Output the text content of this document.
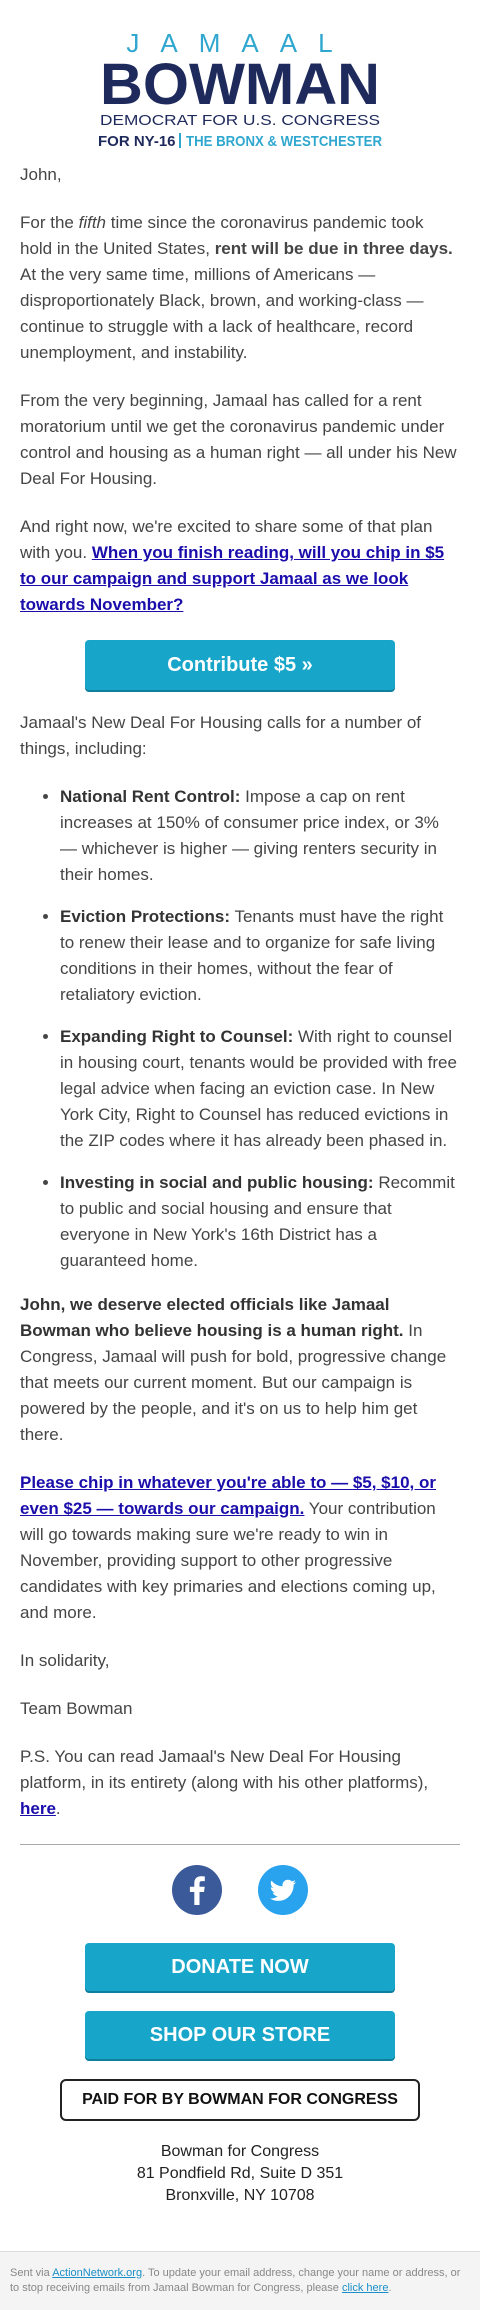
JAMAAL
BOWMAN
DEMOCRAT FOR U.S. CONGRESS
FOR NY-16 THE BRONX & WESTCHESTER

John,

For the fifth time since the coronavirus pandemic took hold in the United States, rent will be due in three days. At the very same time, millions of Americans — disproportionately Black, brown, and working-class — continue to struggle with a lack of healthcare, record unemployment, and instability.

From the very beginning, Jamaal has called for a rent moratorium until we get the coronavirus pandemic under control and housing as a human right — all under his New Deal For Housing.

And right now, we're excited to share some of that plan with you. When you finish reading, will you chip in $5 to our campaign and support Jamaal as we look towards November?

Contribute $5 »

Jamaal's New Deal For Housing calls for a number of things, including:

• National Rent Control: Impose a cap on rent increases at 150% of consumer price index, or 3% — whichever is higher — giving renters security in their homes.
• Eviction Protections: Tenants must have the right to renew their lease and to organize for safe living conditions in their homes, without the fear of retaliatory eviction.
• Expanding Right to Counsel: With right to counsel in housing court, tenants would be provided with free legal advice when facing an eviction case. In New York City, Right to Counsel has reduced evictions in the ZIP codes where it has already been phased in.
• Investing in social and public housing: Recommit to public and social housing and ensure that everyone in New York's 16th District has a guaranteed home.

John, we deserve elected officials like Jamaal Bowman who believe housing is a human right. In Congress, Jamaal will push for bold, progressive change that meets our current moment. But our campaign is powered by the people, and it's on us to help him get there.

Please chip in whatever you're able to — $5, $10, or even $25 — towards our campaign. Your contribution will go towards making sure we're ready to win in November, providing support to other progressive candidates with key primaries and elections coming up, and more.

In solidarity,

Team Bowman

P.S. You can read Jamaal's New Deal For Housing platform, in its entirety (along with his other platforms), here.

DONATE NOW
SHOP OUR STORE
PAID FOR BY BOWMAN FOR CONGRESS
Bowman for Congress
81 Pondfield Rd, Suite D 351
Bronxville, NY 10708
Sent via ActionNetwork.org. To update your email address, change your name or address, or to stop receiving emails from Jamaal Bowman for Congress, please click here.
